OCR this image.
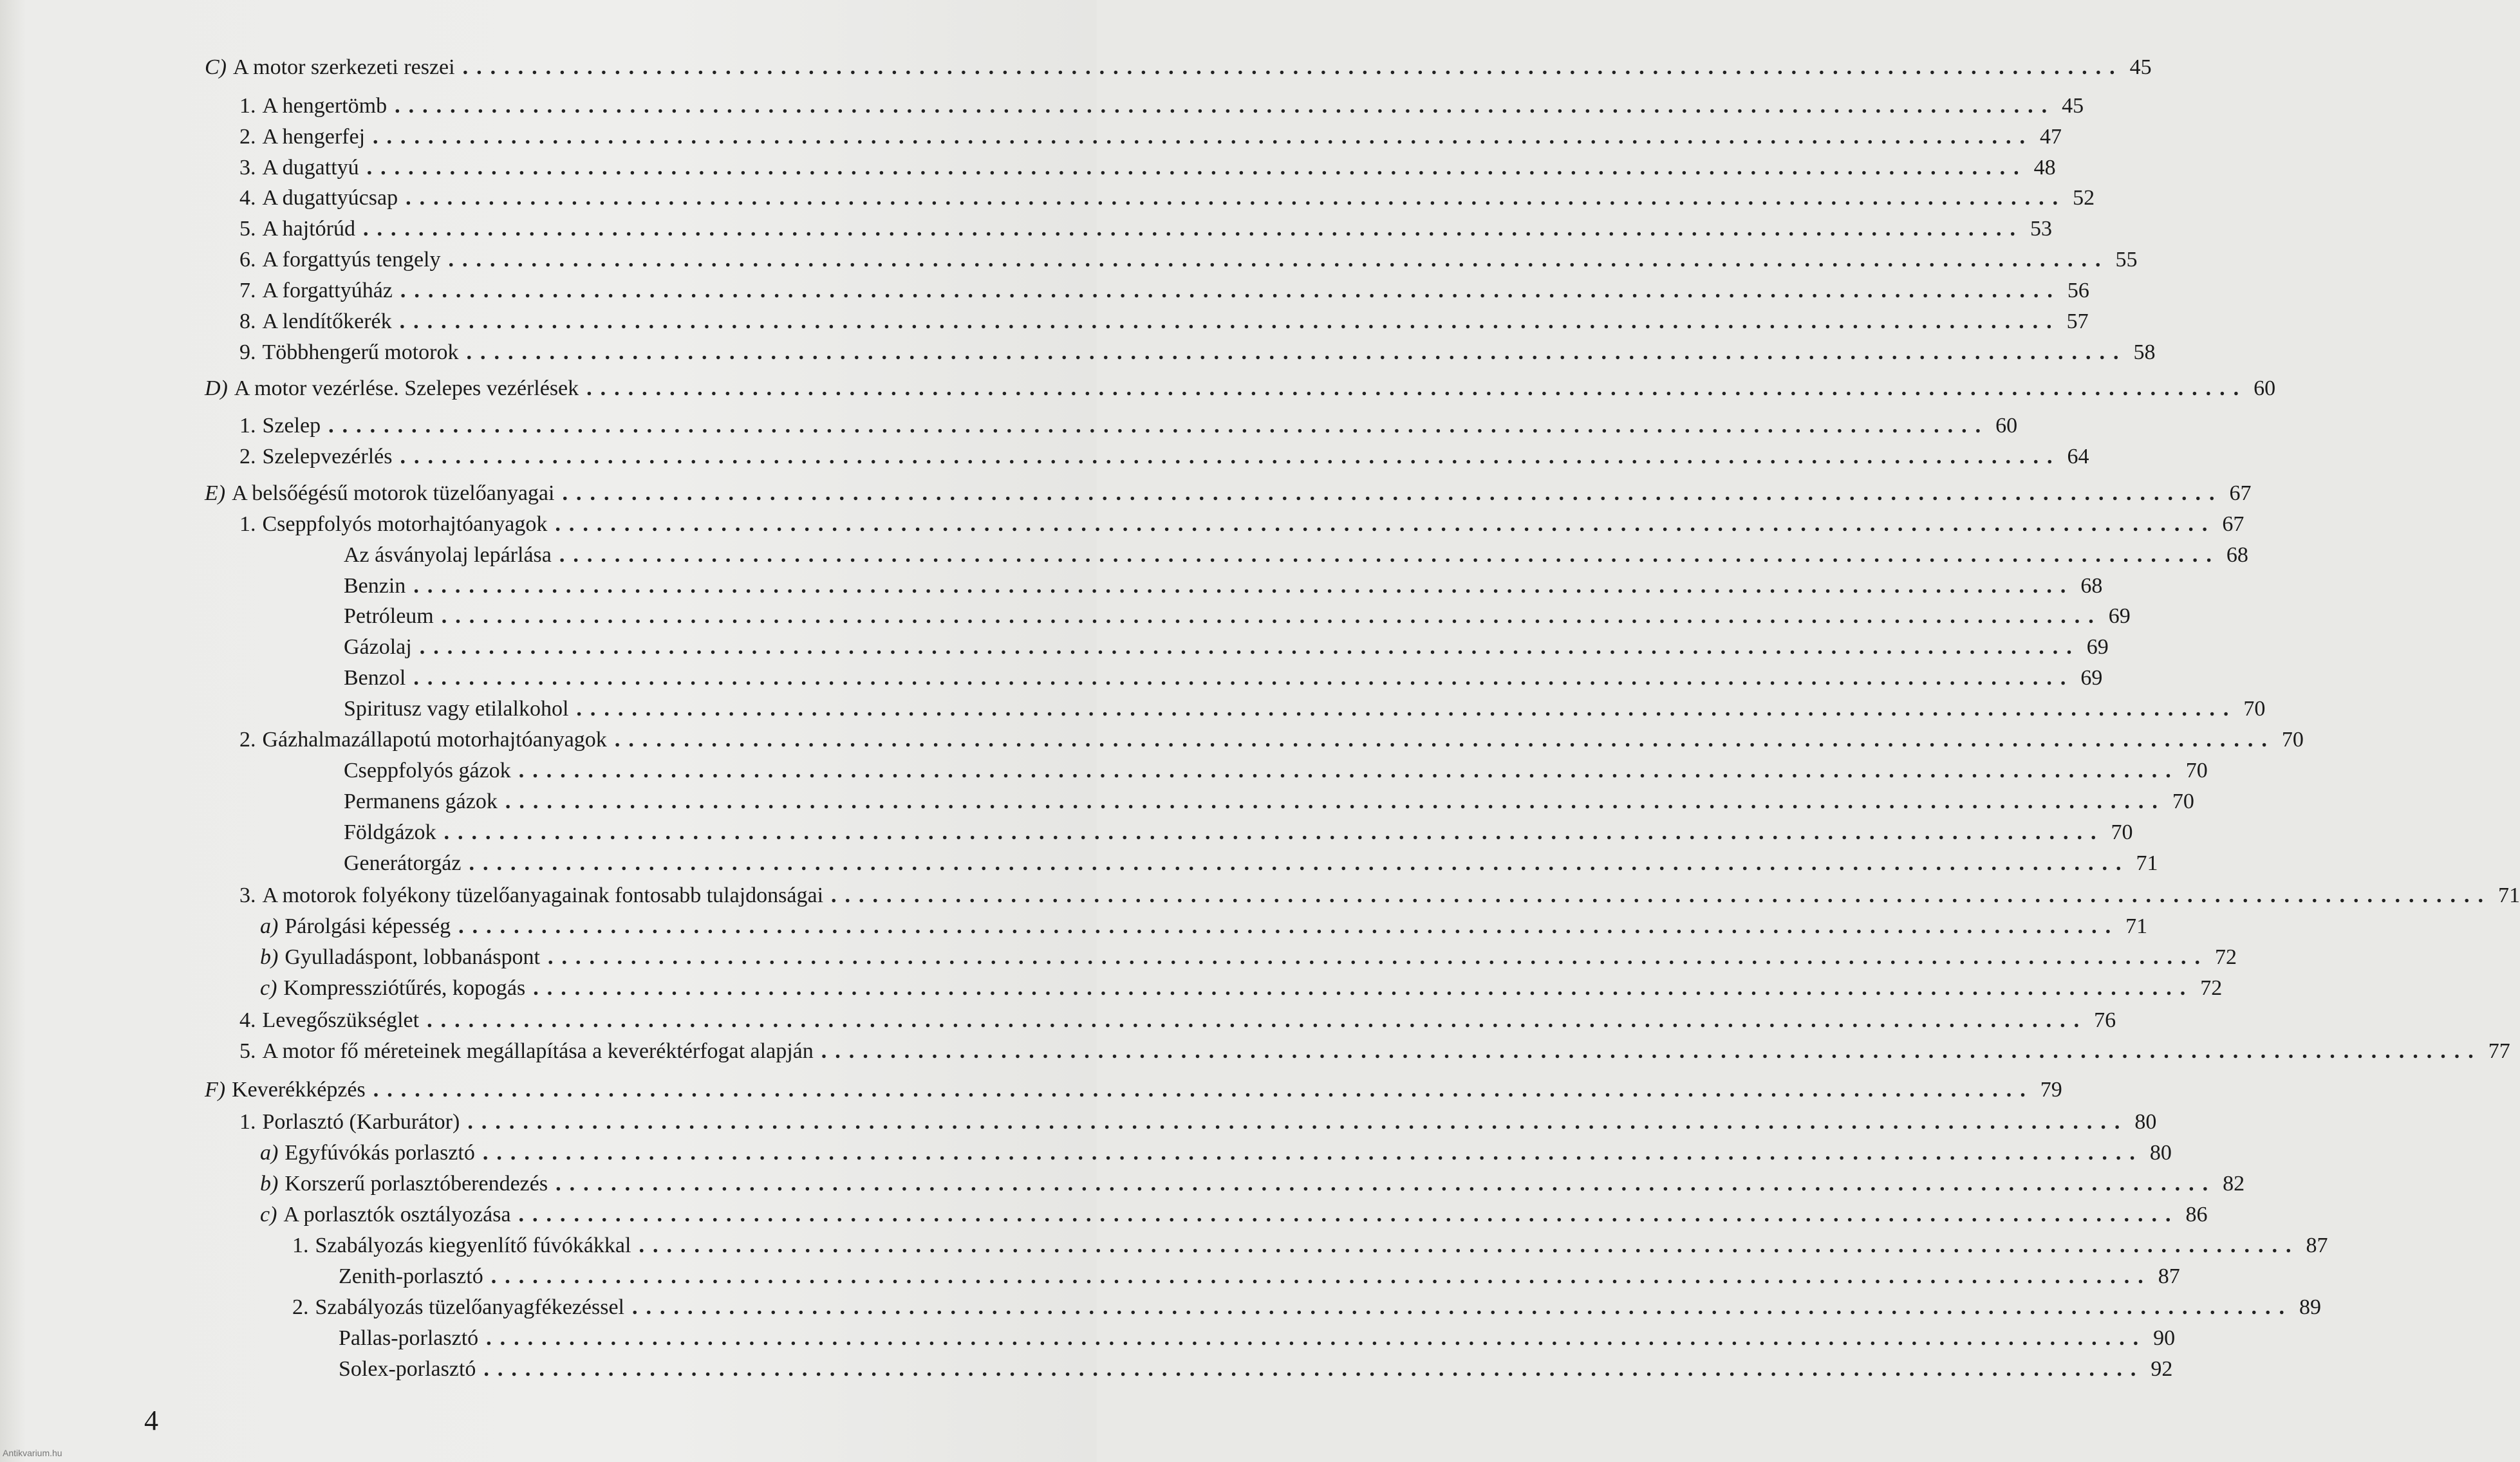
C) A motor szerkezeti reszei ........................................................................................................................ 45
1. A hengertömb ........................................................................................................................ 45
2. A hengerfej ........................................................................................................................ 47
3. A dugattyú ........................................................................................................................ 48
4. A dugattyúcsap ........................................................................................................................ 52
5. A hajtórúd ........................................................................................................................ 53
6. A forgattyús tengely ........................................................................................................................ 55
7. A forgattyúház ........................................................................................................................ 56
8. A lendítőkerék ........................................................................................................................ 57
9. Többhengerű motorok ........................................................................................................................ 58
D) A motor vezérlése. Szelepes vezérlések ........................................................................................................................ 60
1. Szelep ........................................................................................................................ 60
2. Szelepvezérlés ........................................................................................................................ 64
E) A belsőégésű motorok tüzelőanyagai ........................................................................................................................ 67
1. Cseppfolyós motorhajtóanyagok ........................................................................................................................ 67
Az ásványolaj lepárlása ........................................................................................................................ 68
Benzin ........................................................................................................................ 68
Petróleum ........................................................................................................................ 69
Gázolaj ........................................................................................................................ 69
Benzol ........................................................................................................................ 69
Spiritusz vagy etilalkohol ........................................................................................................................ 70
2. Gázhalmazállapotú motorhajtóanyagok ........................................................................................................................ 70
Cseppfolyós gázok ........................................................................................................................ 70
Permanens gázok ........................................................................................................................ 70
Földgázok ........................................................................................................................ 70
Generátorgáz ........................................................................................................................ 71
3. A motorok folyékony tüzelőanyagainak fontosabb tulajdonságai ........................................................................................................................ 71
a) Párolgási képesség ........................................................................................................................ 71
b) Gyulladáspont, lobbanáspont ........................................................................................................................ 72
c) Kompressziótűrés, kopogás ........................................................................................................................ 72
4. Levegőszükséglet ........................................................................................................................ 76
5. A motor fő méreteinek megállapítása a keveréktérfogat alapján ........................................................................................................................ 77
F) Keverékképzés ........................................................................................................................ 79
1. Porlasztó (Karburátor) ........................................................................................................................ 80
a) Egyfúvókás porlasztó ........................................................................................................................ 80
b) Korszerű porlasztóberendezés ........................................................................................................................ 82
c) A porlasztók osztályozása ........................................................................................................................ 86
1. Szabályozás kiegyenlítő fúvókákkal ........................................................................................................................ 87
Zenith-porlasztó ........................................................................................................................ 87
2. Szabályozás tüzelőanyagfékezéssel ........................................................................................................................ 89
Pallas-porlasztó ........................................................................................................................ 90
Solex-porlasztó ........................................................................................................................ 92
4
Antikvarium.hu
